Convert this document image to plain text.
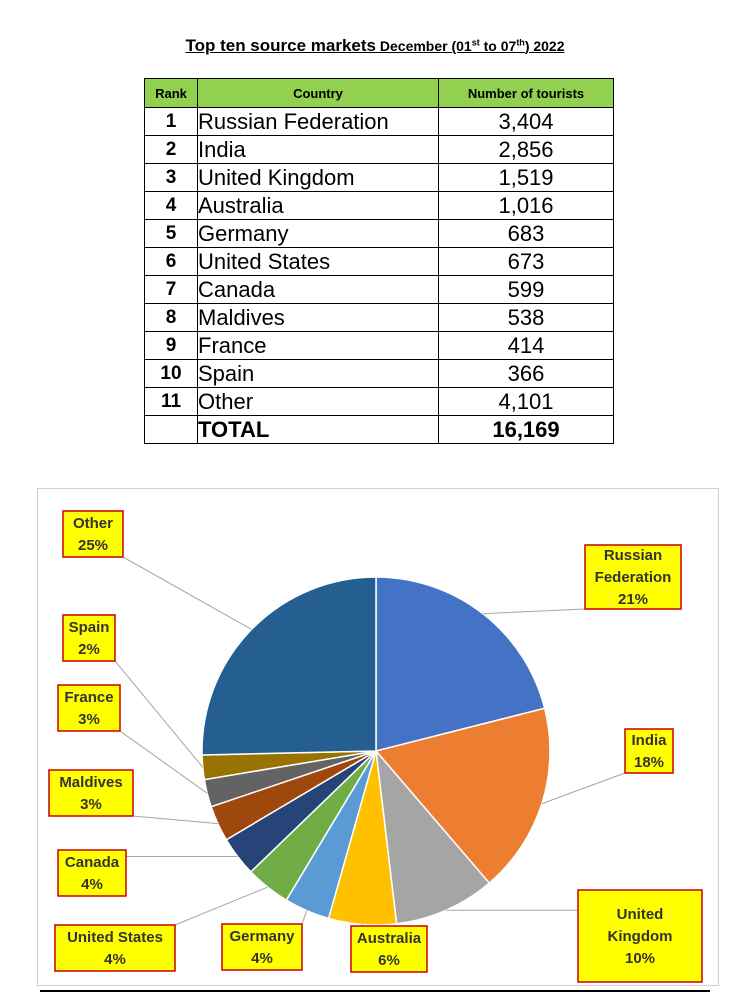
Top ten source markets December (01st to 07th) 2022
Rank	Country	Number of tourists
1	Russian Federation	3,404
2	India	2,856
3	United Kingdom	1,519
4	Australia	1,016
5	Germany	683
6	United States	673
7	Canada	599
8	Maldives	538
9	France	414
10	Spain	366
11	Other	4,101
	TOTAL	16,169
Russian
Federation
21%
India
18%
United
Kingdom
10%
Australia
6%
Germany
4%
United States
4%
Canada
4%
Maldives
3%
France
3%
Spain
2%
Other
25%
